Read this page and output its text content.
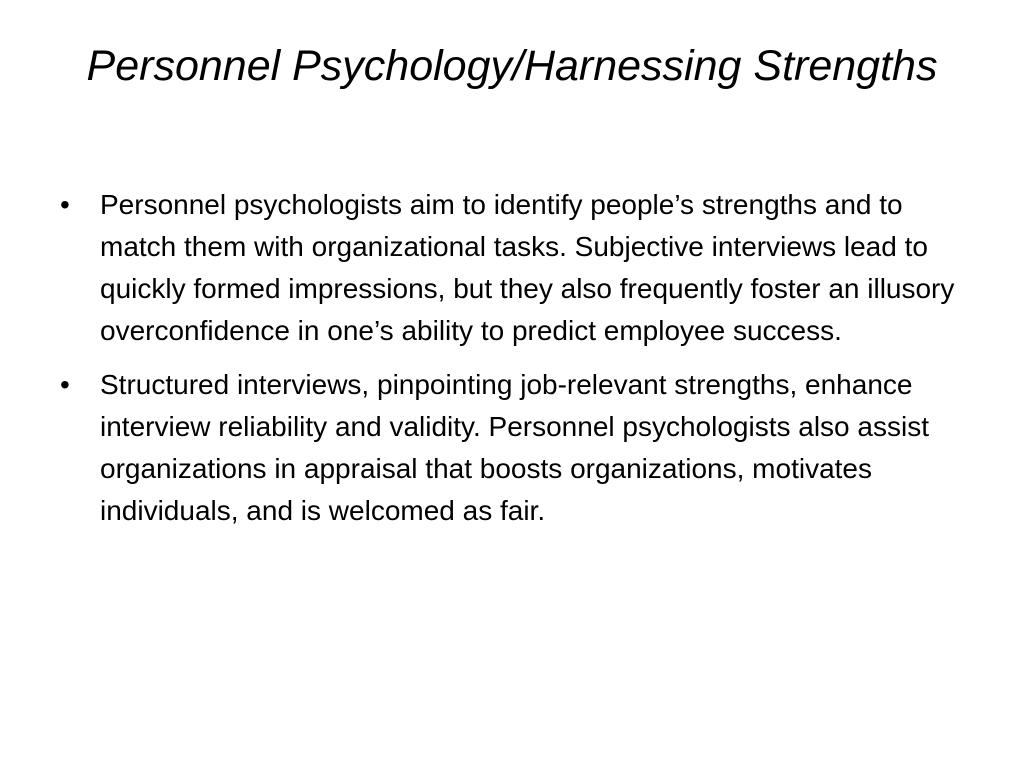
Personnel Psychology/Harnessing Strengths
• Personnel psychologists aim to identify people’s strengths and to match them with organizational tasks. Subjective interviews lead to quickly formed impressions, but they also frequently foster an illusory overconfidence in one’s ability to predict employee success.
• Structured interviews, pinpointing job-relevant strengths, enhance interview reliability and validity. Personnel psychologists also assist organizations in appraisal that boosts organizations, motivates individuals, and is welcomed as fair.
